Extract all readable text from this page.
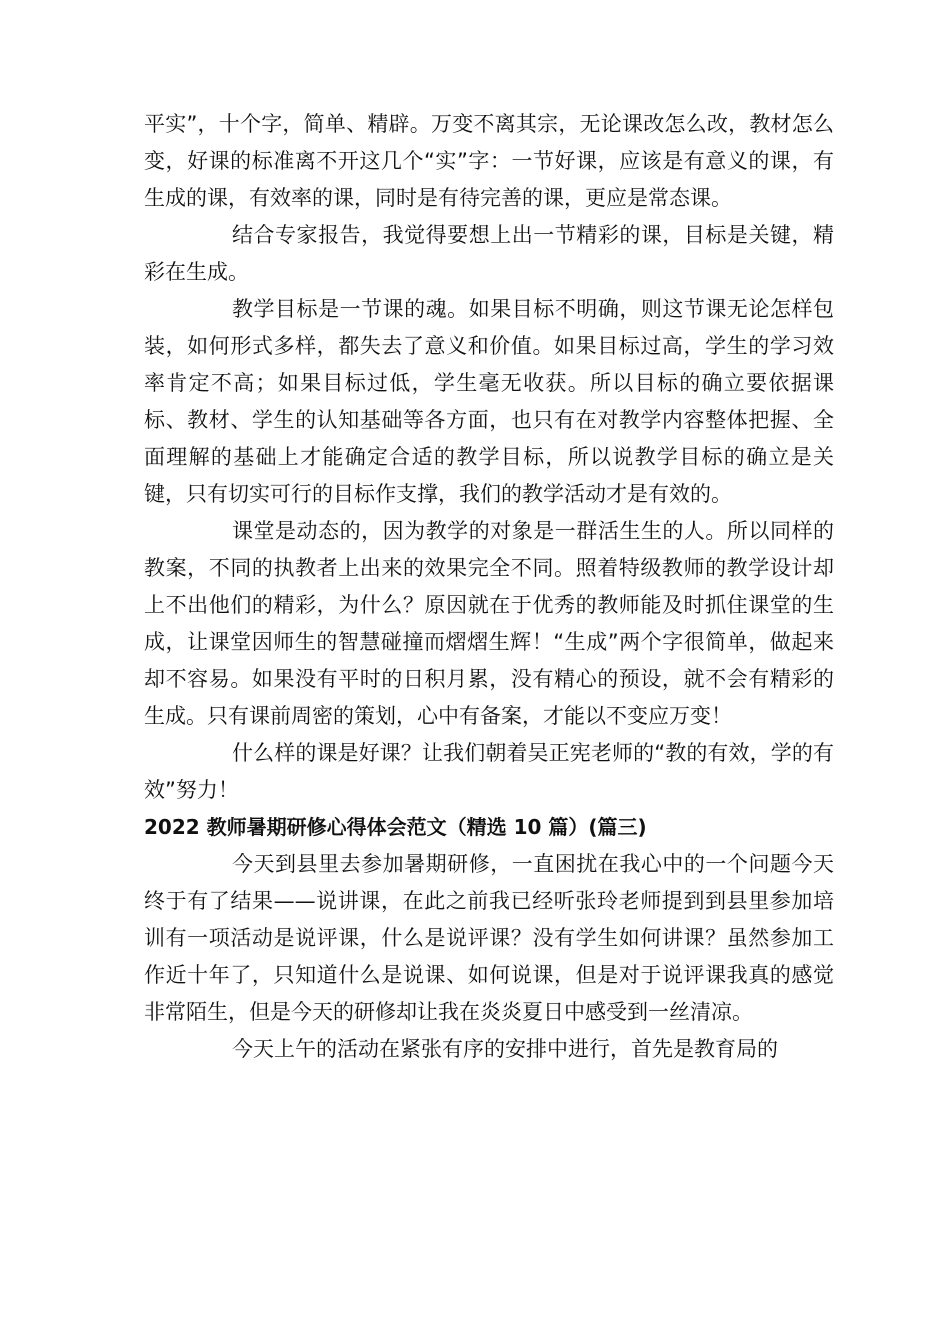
平实”，十个字，简单、精辟。万变不离其宗，无论课改怎么改，教材怎么变，好课的标准离不开这几个“实”字：一节好课，应该是有意义的课，有生成的课，有效率的课，同时是有待完善的课，更应是常态课。

结合专家报告，我觉得要想上出一节精彩的课，目标是关键，精彩在生成。

教学目标是一节课的魂。如果目标不明确，则这节课无论怎样包装，如何形式多样，都失去了意义和价值。如果目标过高，学生的学习效率肯定不高；如果目标过低，学生毫无收获。所以目标的确立要依据课标、教材、学生的认知基础等各方面，也只有在对教学内容整体把握、全面理解的基础上才能确定合适的教学目标，所以说教学目标的确立是关键，只有切实可行的目标作支撑，我们的教学活动才是有效的。

课堂是动态的，因为教学的对象是一群活生生的人。所以同样的教案，不同的执教者上出来的效果完全不同。照着特级教师的教学设计却上不出他们的精彩，为什么？原因就在于优秀的教师能及时抓住课堂的生成，让课堂因师生的智慧碰撞而熠熠生辉！“生成”两个字很简单，做起来却不容易。如果没有平时的日积月累，没有精心的预设，就不会有精彩的生成。只有课前周密的策划，心中有备案，才能以不变应万变！

什么样的课是好课？让我们朝着吴正宪老师的“教的有效，学的有效”努力！

2022 教师暑期研修心得体会范文（精选 10 篇）(篇三)

今天到县里去参加暑期研修，一直困扰在我心中的一个问题今天终于有了结果——说讲课，在此之前我已经听张玲老师提到到县里参加培训有一项活动是说评课，什么是说评课？没有学生如何讲课？虽然参加工作近十年了，只知道什么是说课、如何说课，但是对于说评课我真的感觉非常陌生，但是今天的研修却让我在炎炎夏日中感受到一丝清凉。

今天上午的活动在紧张有序的安排中进行，首先是教育局的
